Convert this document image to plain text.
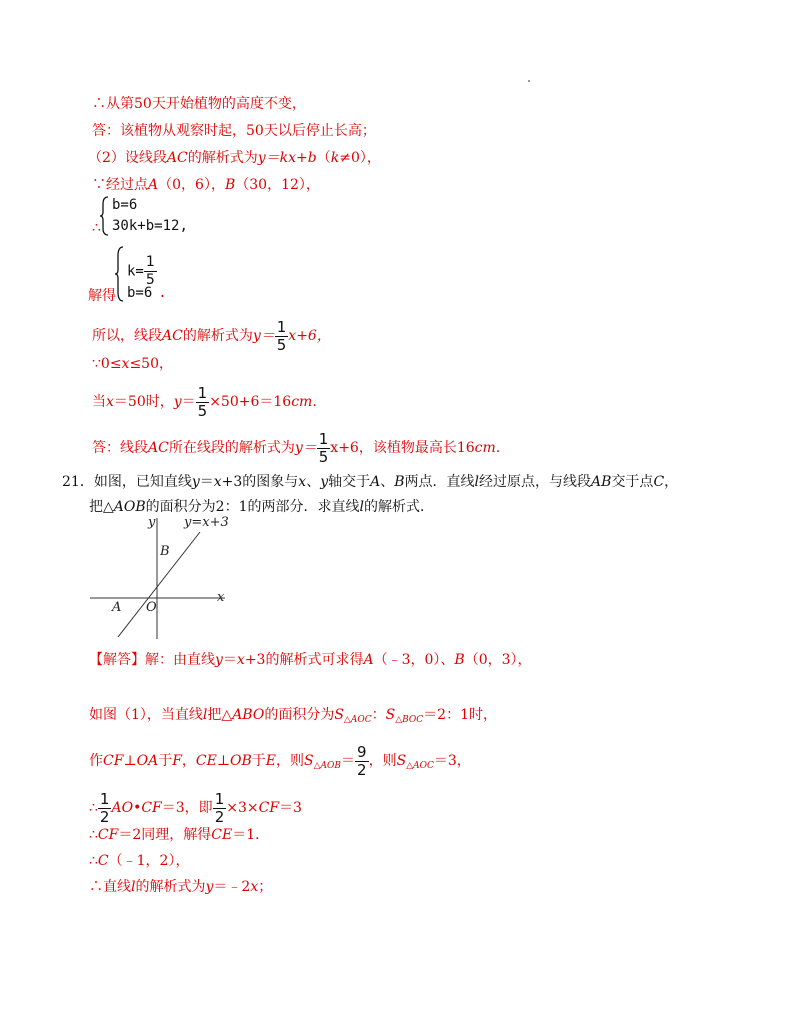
∴从第50天开始植物的高度不变，
答：该植物从观察时起，50天以后停止长高；
（2）设线段AC的解析式为y＝kx+b（k≠0），
∵经过点A（0，6），B（30，12），
∴
b=6
30k+b=12,
解得
$k= \frac{1}{5}$
b=6 .
所以，线段AC的解析式为$y= \frac{1}{5} x+6$，
∵0≤x≤50，
当x＝50时，$y= \frac{1}{5} \times 50+6=16cm$.
答：线段AC所在线段的解析式为$y= \frac{1}{5} x+6$，该植物最高长16cm.
21．如图，已知直线y＝x+3的图象与x、y轴交于A、B两点．直线l经过原点，与线段AB交于点C，
把△AOB的面积分为2：1的两部分．求直线l的解析式．
y y=x+3
B
A O
x
【解答】解：由直线y＝x+3的解析式可求得A（﹣3，0）、B（0，3），
如图（1），当直线l把△ABO的面积分为$S_{\triangle AOC}$：$S_{\triangle BOC}=2$：1时，
作CF⊥OA于F，CE⊥OB于E，则$S_{\triangle AOB}= \frac{9}{2}$ ，则$S_{\triangle AOC}=3$，
∴ $\frac{1}{2}$ AO•CF＝3，即 $\frac{1}{2} \times 3\times CF=3$
∴CF＝2同理，解得CE＝1．
∴C（﹣1，2），
∴直线l的解析式为y＝﹣2x；
